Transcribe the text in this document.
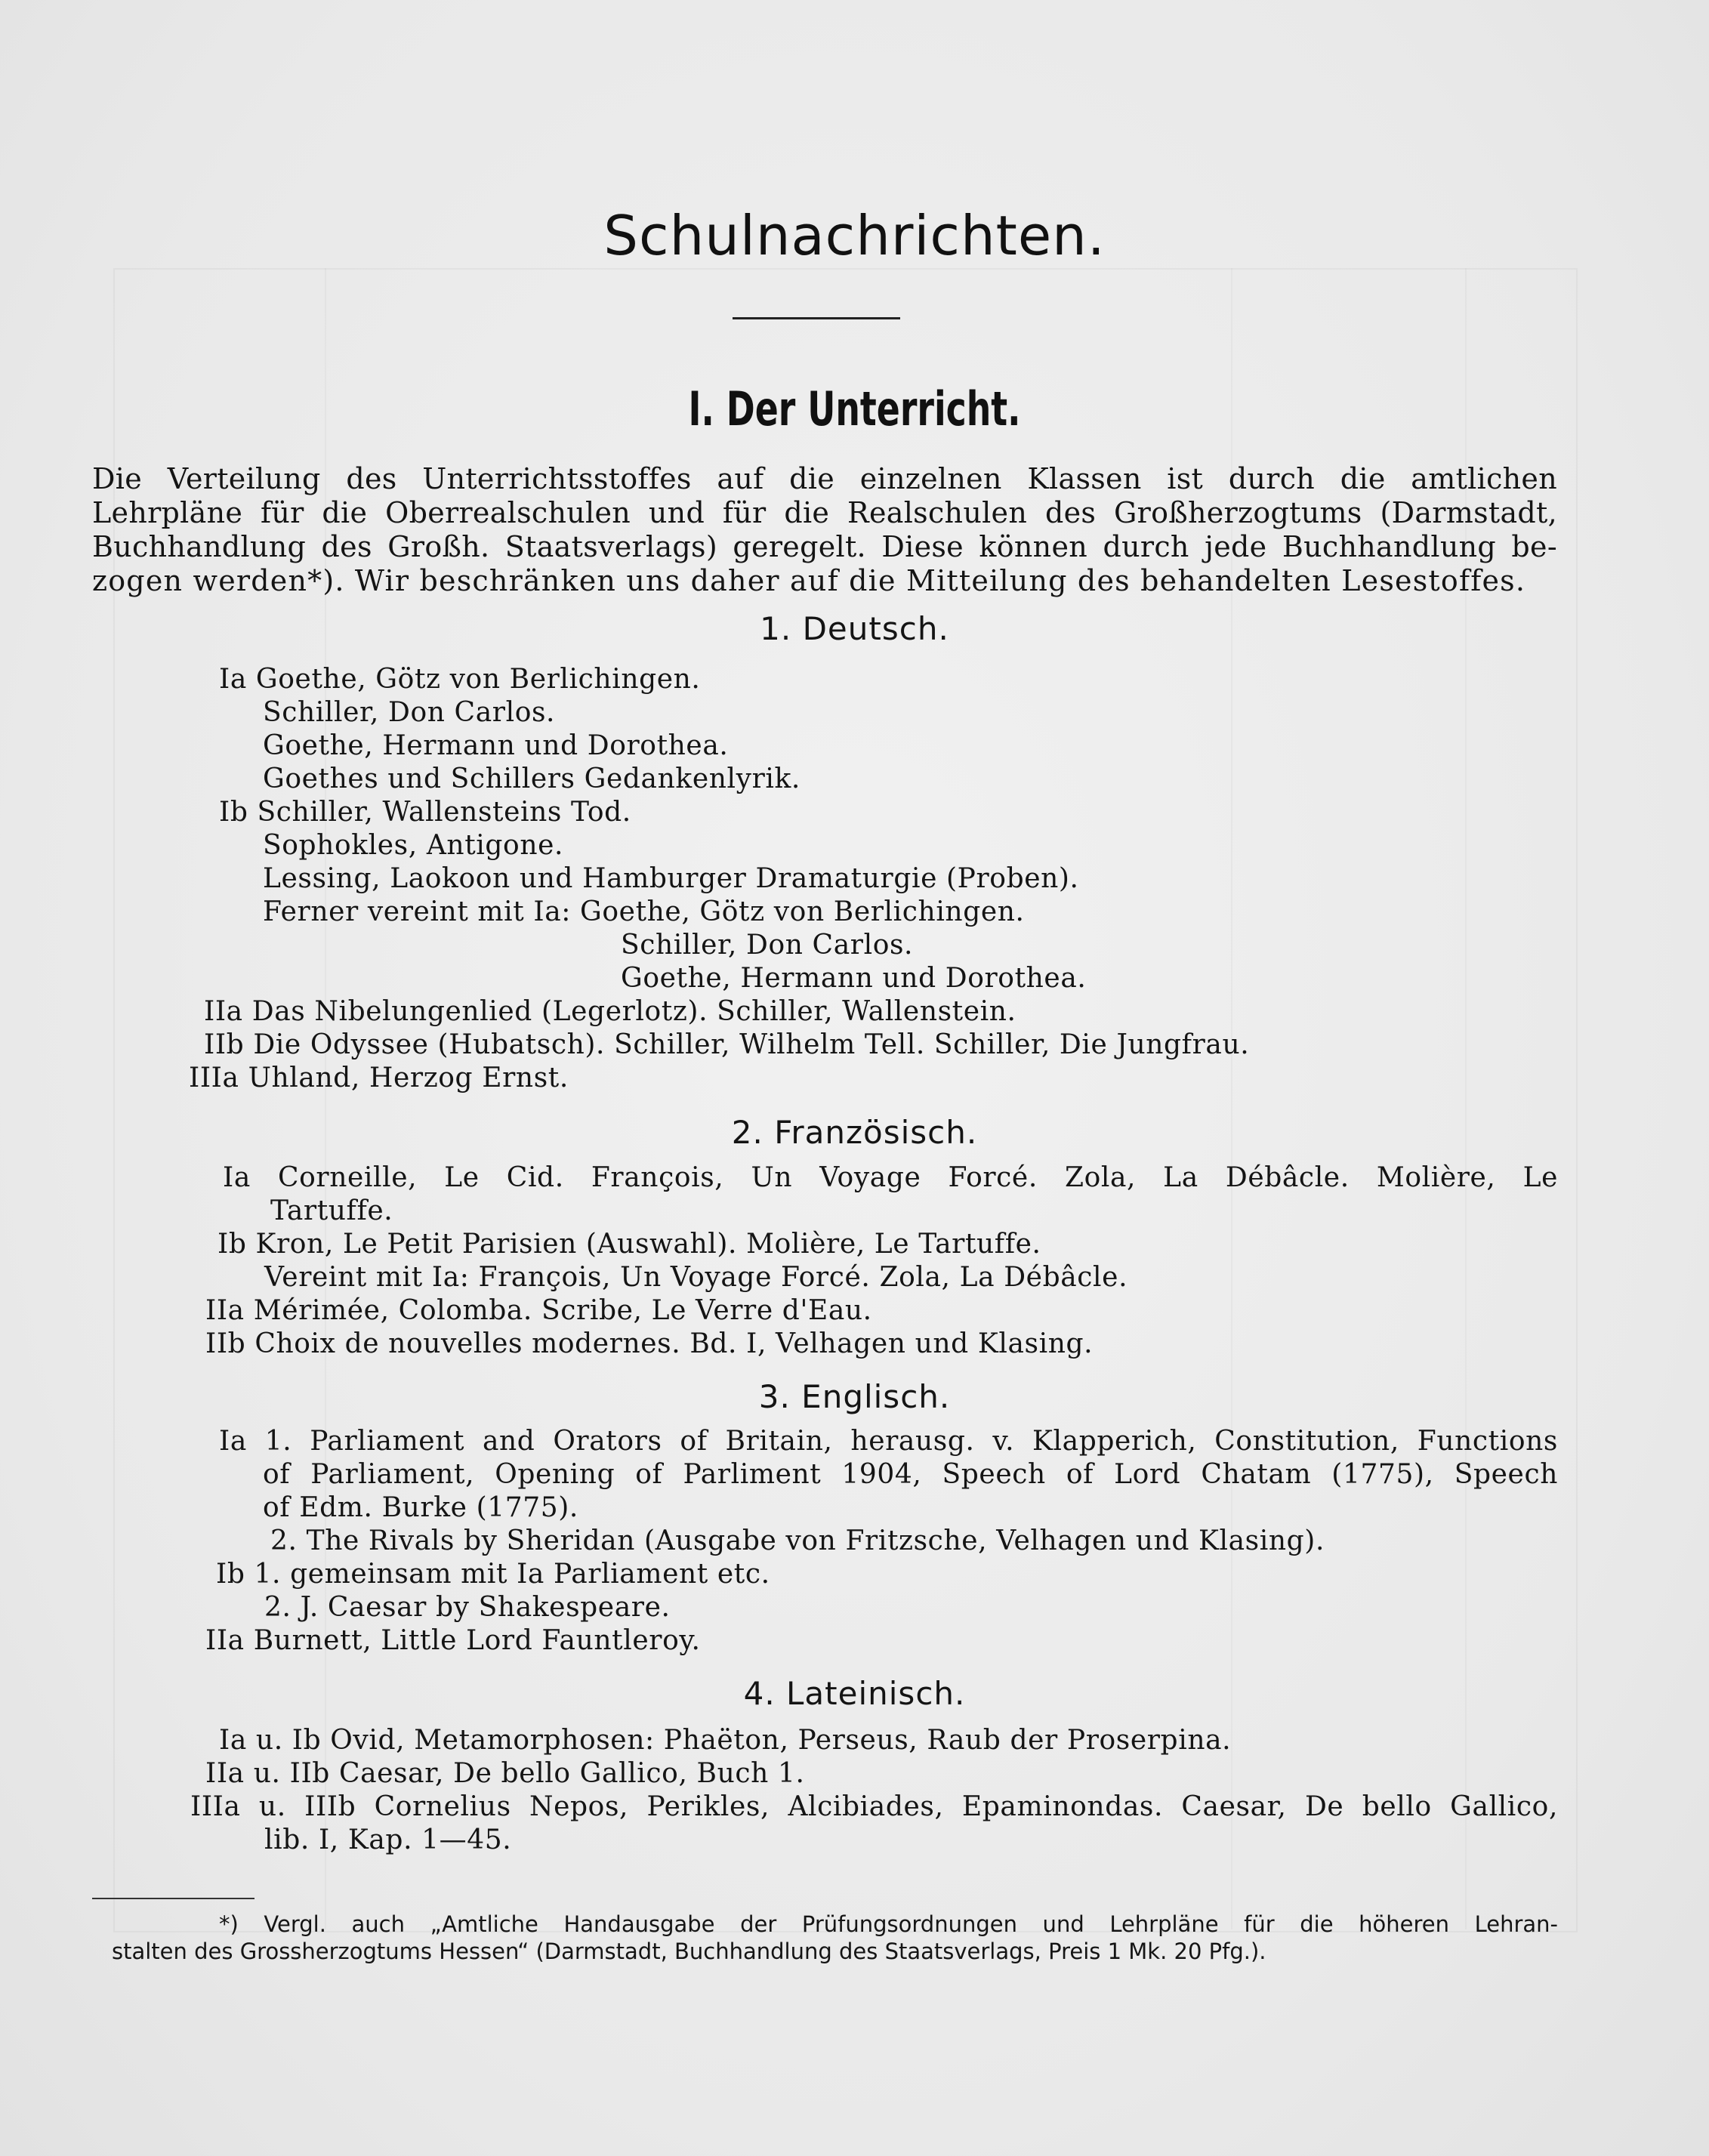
Schulnachrichten.
I. Der Unterricht.
Die Verteilung des Unterrichtsstoffes auf die einzelnen Klassen ist durch die amtlichen
Lehrpläne für die Oberrealschulen und für die Realschulen des Großherzogtums (Darmstadt,
Buchhandlung des Großh. Staatsverlags) geregelt. Diese können durch jede Buchhandlung be-
zogen werden*). Wir beschränken uns daher auf die Mitteilung des behandelten Lesestoffes.
1. Deutsch.
Ia Goethe, Götz von Berlichingen.
Schiller, Don Carlos.
Goethe, Hermann und Dorothea.
Goethes und Schillers Gedankenlyrik.
Ib Schiller, Wallensteins Tod.
Sophokles, Antigone.
Lessing, Laokoon und Hamburger Dramaturgie (Proben).
Ferner vereint mit Ia: Goethe, Götz von Berlichingen.
Schiller, Don Carlos.
Goethe, Hermann und Dorothea.
IIa Das Nibelungenlied (Legerlotz). Schiller, Wallenstein.
IIb Die Odyssee (Hubatsch). Schiller, Wilhelm Tell. Schiller, Die Jungfrau.
IIIa Uhland, Herzog Ernst.
2. Französisch.
Ia Corneille, Le Cid. François, Un Voyage Forcé. Zola, La Débâcle. Molière, Le
Tartuffe.
Ib Kron, Le Petit Parisien (Auswahl). Molière, Le Tartuffe.
Vereint mit Ia: François, Un Voyage Forcé. Zola, La Débâcle.
IIa Mérimée, Colomba. Scribe, Le Verre d'Eau.
IIb Choix de nouvelles modernes. Bd. I, Velhagen und Klasing.
3. Englisch.
Ia 1. Parliament and Orators of Britain, herausg. v. Klapperich, Constitution, Functions
of Parliament, Opening of Parliment 1904, Speech of Lord Chatam (1775), Speech
of Edm. Burke (1775).
2. The Rivals by Sheridan (Ausgabe von Fritzsche, Velhagen und Klasing).
Ib 1. gemeinsam mit Ia Parliament etc.
2. J. Caesar by Shakespeare.
IIa Burnett, Little Lord Fauntleroy.
4. Lateinisch.
Ia u. Ib Ovid, Metamorphosen: Phaëton, Perseus, Raub der Proserpina.
IIa u. IIb Caesar, De bello Gallico, Buch 1.
IIIa u. IIIb Cornelius Nepos, Perikles, Alcibiades, Epaminondas. Caesar, De bello Gallico,
lib. I, Kap. 1—45.
*) Vergl. auch „Amtliche Handausgabe der Prüfungsordnungen und Lehrpläne für die höheren Lehran-
stalten des Grossherzogtums Hessen“ (Darmstadt, Buchhandlung des Staatsverlags, Preis 1 Mk. 20 Pfg.).
